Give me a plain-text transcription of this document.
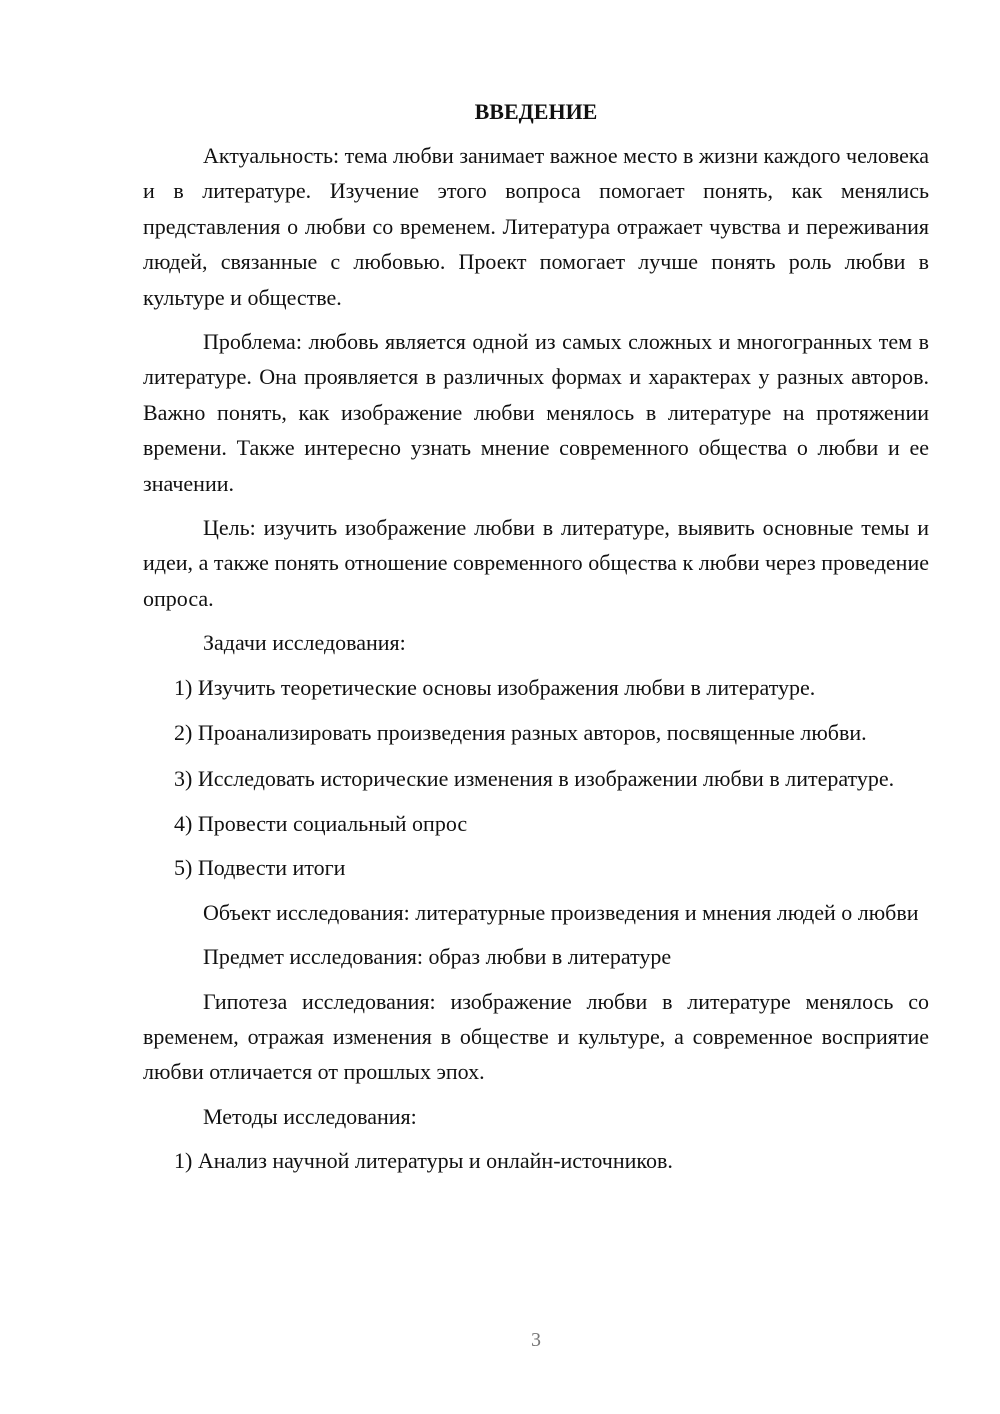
ВВЕДЕНИЕ

Актуальность: тема любви занимает важное место в жизни каждого человека и в литературе. Изучение этого вопроса помогает понять, как менялись представления о любви со временем. Литература отражает чувства и переживания людей, связанные с любовью. Проект помогает лучше понять роль любви в культуре и обществе.

Проблема: любовь является одной из самых сложных и многогранных тем в литературе. Она проявляется в различных формах и характерах у разных авторов. Важно понять, как изображение любви менялось в литературе на протяжении времени. Также интересно узнать мнение современного общества о любви и ее значении.

Цель: изучить изображение любви в литературе, выявить основные темы и идеи, а также понять отношение современного общества к любви через проведение опроса.

Задачи исследования:

1) Изучить теоретические основы изображения любви в литературе.

2) Проанализировать произведения разных авторов, посвященные любви.

3) Исследовать исторические изменения в изображении любви в литературе.

4) Провести социальный опрос

5) Подвести итоги

Объект исследования: литературные произведения и мнения людей о любви

Предмет исследования: образ любви в литературе

Гипотеза исследования: изображение любви в литературе менялось со временем, отражая изменения в обществе и культуре, а современное восприятие любви отличается от прошлых эпох.

Методы исследования:

1) Анализ научной литературы и онлайн-источников.

3
